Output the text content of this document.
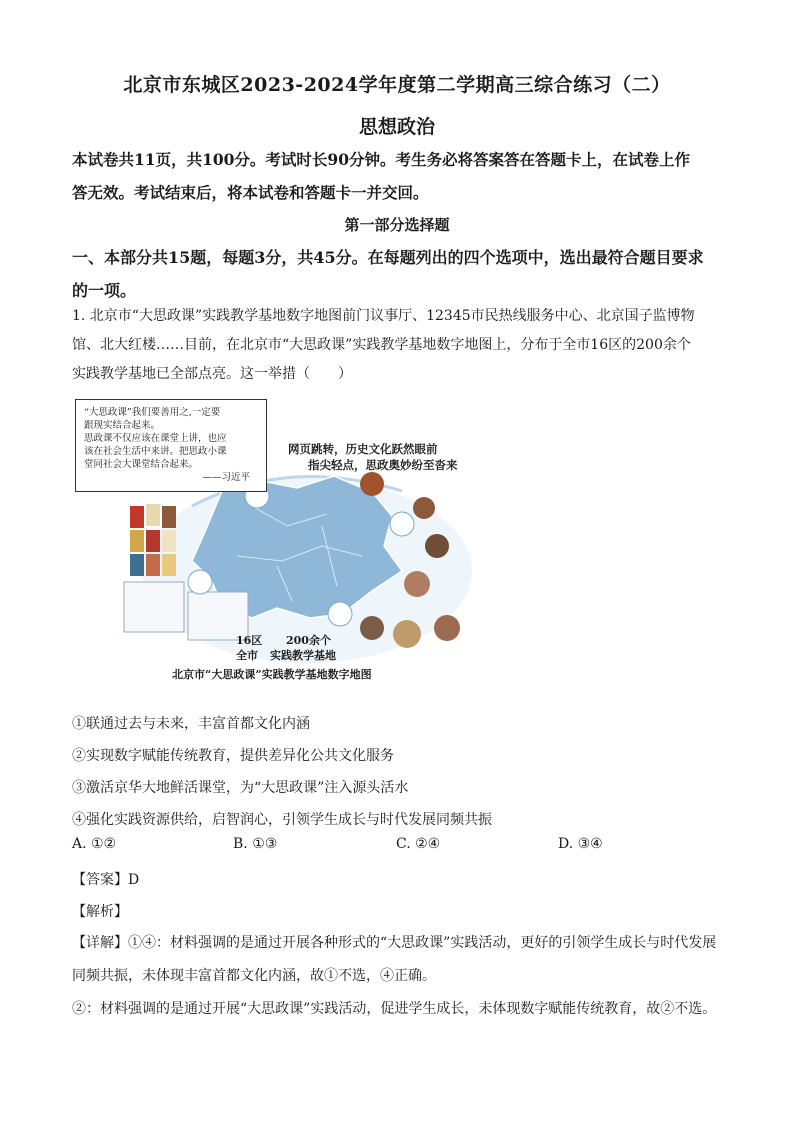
北京市东城区2023-2024学年度第二学期高三综合练习（二）
思想政治
本试卷共11页，共100分。考试时长90分钟。考生务必将答案答在答题卡上，在试卷上作
答无效。考试结束后，将本试卷和答题卡一并交回。
第一部分选择题
一、本部分共15题，每题3分，共45分。在每题列出的四个选项中，选出最符合题目要求
的一项。
1. 北京市“大思政课”实践教学基地数字地图前门议事厅、12345市民热线服务中心、北京国子监博物
馆、北大红楼……目前，在北京市“大思政课”实践教学基地数字地图上，分布于全市16区的200余个
实践教学基地已全部点亮。这一举措（　　）
“大思政课”我们要善用之,一定要
跟现实结合起来。
思政课不仅应该在课堂上讲，也应
该在社会生活中来讲。把思政小课
堂同社会大课堂结合起来。
——习近平
网页跳转，历史文化跃然眼前
指尖轻点，思政奥妙纷至沓来
16区 200余个
全市 实践教学基地
北京市“大思政课”实践教学基地数字地图
①联通过去与未来，丰富首都文化内涵
②实现数字赋能传统教育，提供差异化公共文化服务
③激活京华大地鲜活课堂，为“大思政课”注入源头活水
④强化实践资源供给，启智润心，引领学生成长与时代发展同频共振
A. ①②	B. ①③	C. ②④	D. ③④
【答案】D
【解析】
【详解】①④：材料强调的是通过开展各种形式的“大思政课”实践活动，更好的引领学生成长与时代发展
同频共振，未体现丰富首都文化内涵，故①不选，④正确。
②：材料强调的是通过开展“大思政课”实践活动，促进学生成长，未体现数字赋能传统教育，故②不选。
